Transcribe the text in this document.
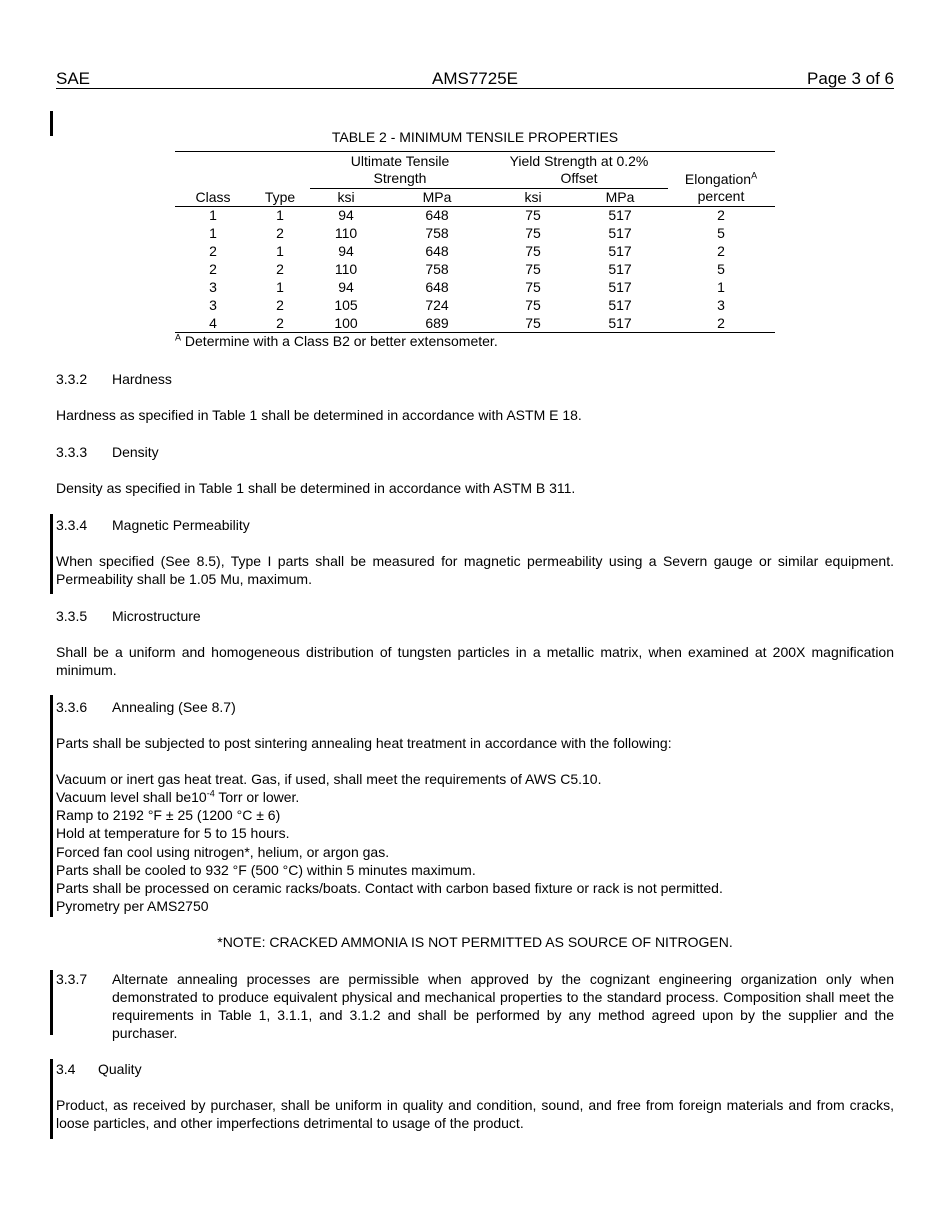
SAE	AMS7725E	Page 3 of 6
TABLE 2 - MINIMUM TENSILE PROPERTIES
Ultimate Tensile
Strength
Yield Strength at 0.2%
Offset	Elongation$^A$
percent
Class	Type	ksi	MPa	ksi	MPa
1	1	94	648	75	517	2
1	2	110	758	75	517	5
2	1	94	648	75	517	2
2	2	110	758	75	517	5
3	1	94	648	75	517	1
3	2	105	724	75	517	3
4	2	100	689	75	517	2
$^A$ Determine with a Class B2 or better extensometer.
3.3.2 Hardness
Hardness as specified in Table 1 shall be determined in accordance with ASTM E 18.
3.3.3 Density
Density as specified in Table 1 shall be determined in accordance with ASTM B 311.
3.3.4 Magnetic Permeability
When specified (See 8.5), Type I parts shall be measured for magnetic permeability using a Severn gauge or similar equipment. Permeability shall be 1.05 Mu, maximum.
3.3.5 Microstructure
Shall be a uniform and homogeneous distribution of tungsten particles in a metallic matrix, when examined at 200X magnification minimum.
3.3.6 Annealing (See 8.7)
Parts shall be subjected to post sintering annealing heat treatment in accordance with the following:
Vacuum or inert gas heat treat. Gas, if used, shall meet the requirements of AWS C5.10.
Vacuum level shall $be10^{-4}$ Torr or lower.
Ramp to 2192 °F ± 25 (1200 °C ± 6)
Hold at temperature for 5 to 15 hours.
Forced fan cool using nitrogen*, helium, or argon gas.
Parts shall be cooled to 932 °F (500 °C) within 5 minutes maximum.
Parts shall be processed on ceramic racks/boats. Contact with carbon based fixture or rack is not permitted.
Pyrometry per AMS2750
*NOTE: CRACKED AMMONIA IS NOT PERMITTED AS SOURCE OF NITROGEN.
3.3.7	Alternate annealing processes are permissible when approved by the cognizant engineering organization only when demonstrated to produce equivalent physical and mechanical properties to the standard process. Composition shall meet the requirements in Table 1, 3.1.1, and 3.1.2 and shall be performed by any method agreed upon by the supplier and the purchaser.
3.4 Quality
Product, as received by purchaser, shall be uniform in quality and condition, sound, and free from foreign materials and from cracks, loose particles, and other imperfections detrimental to usage of the product.
